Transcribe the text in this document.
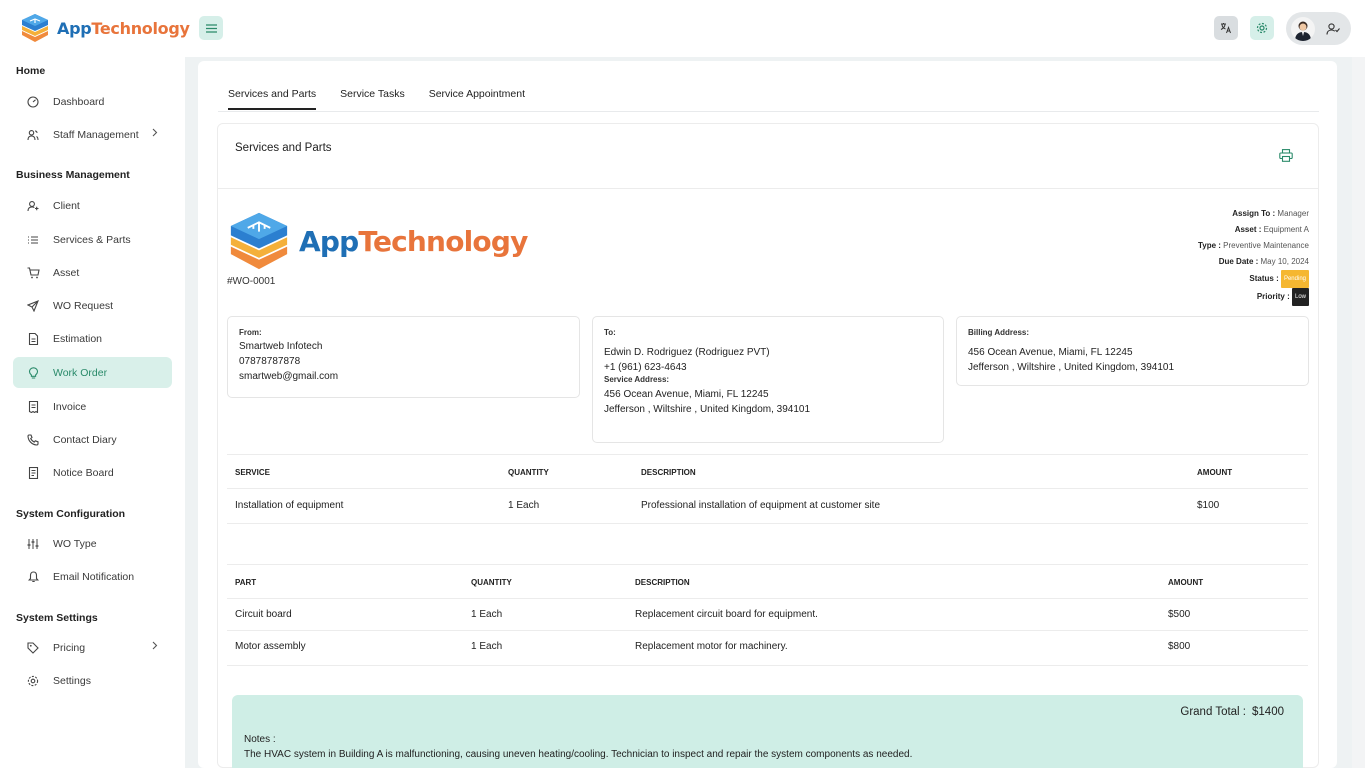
AppTechnology
Home
Dashboard
Staff Management
Business Management
Client
Services & Parts
Asset
WO Request
Estimation
Work Order
Invoice
Contact Diary
Notice Board
System Configuration
WO Type
Email Notification
System Settings
Pricing
Settings
Services and Parts Service Tasks Service Appointment
Services and Parts
AppTechnology
#WO-0001
Assign To : Manager
Asset : Equipment A
Type : Preventive Maintenance
Due Date : May 10, 2024
Status : Pending
Priority : Low
From:
Smartweb Infotech
07878787878
smartweb@gmail.com
To:
Edwin D. Rodriguez (Rodriguez PVT)
+1 (961) 623-4643
Service Address:
456 Ocean Avenue, Miami, FL 12245
Jefferson , Wiltshire , United Kingdom, 394101
Billing Address:
456 Ocean Avenue, Miami, FL 12245
Jefferson , Wiltshire , United Kingdom, 394101
SERVICE	QUANTITY	DESCRIPTION	AMOUNT
Installation of equipment	1 Each	Professional installation of equipment at customer site	$100
PART	QUANTITY	DESCRIPTION	AMOUNT
Circuit board	1 Each	Replacement circuit board for equipment.	$500
Motor assembly	1 Each	Replacement motor for machinery.	$800
Grand Total : $1400
Notes :
The HVAC system in Building A is malfunctioning, causing uneven heating/cooling. Technician to inspect and repair the system components as needed.
